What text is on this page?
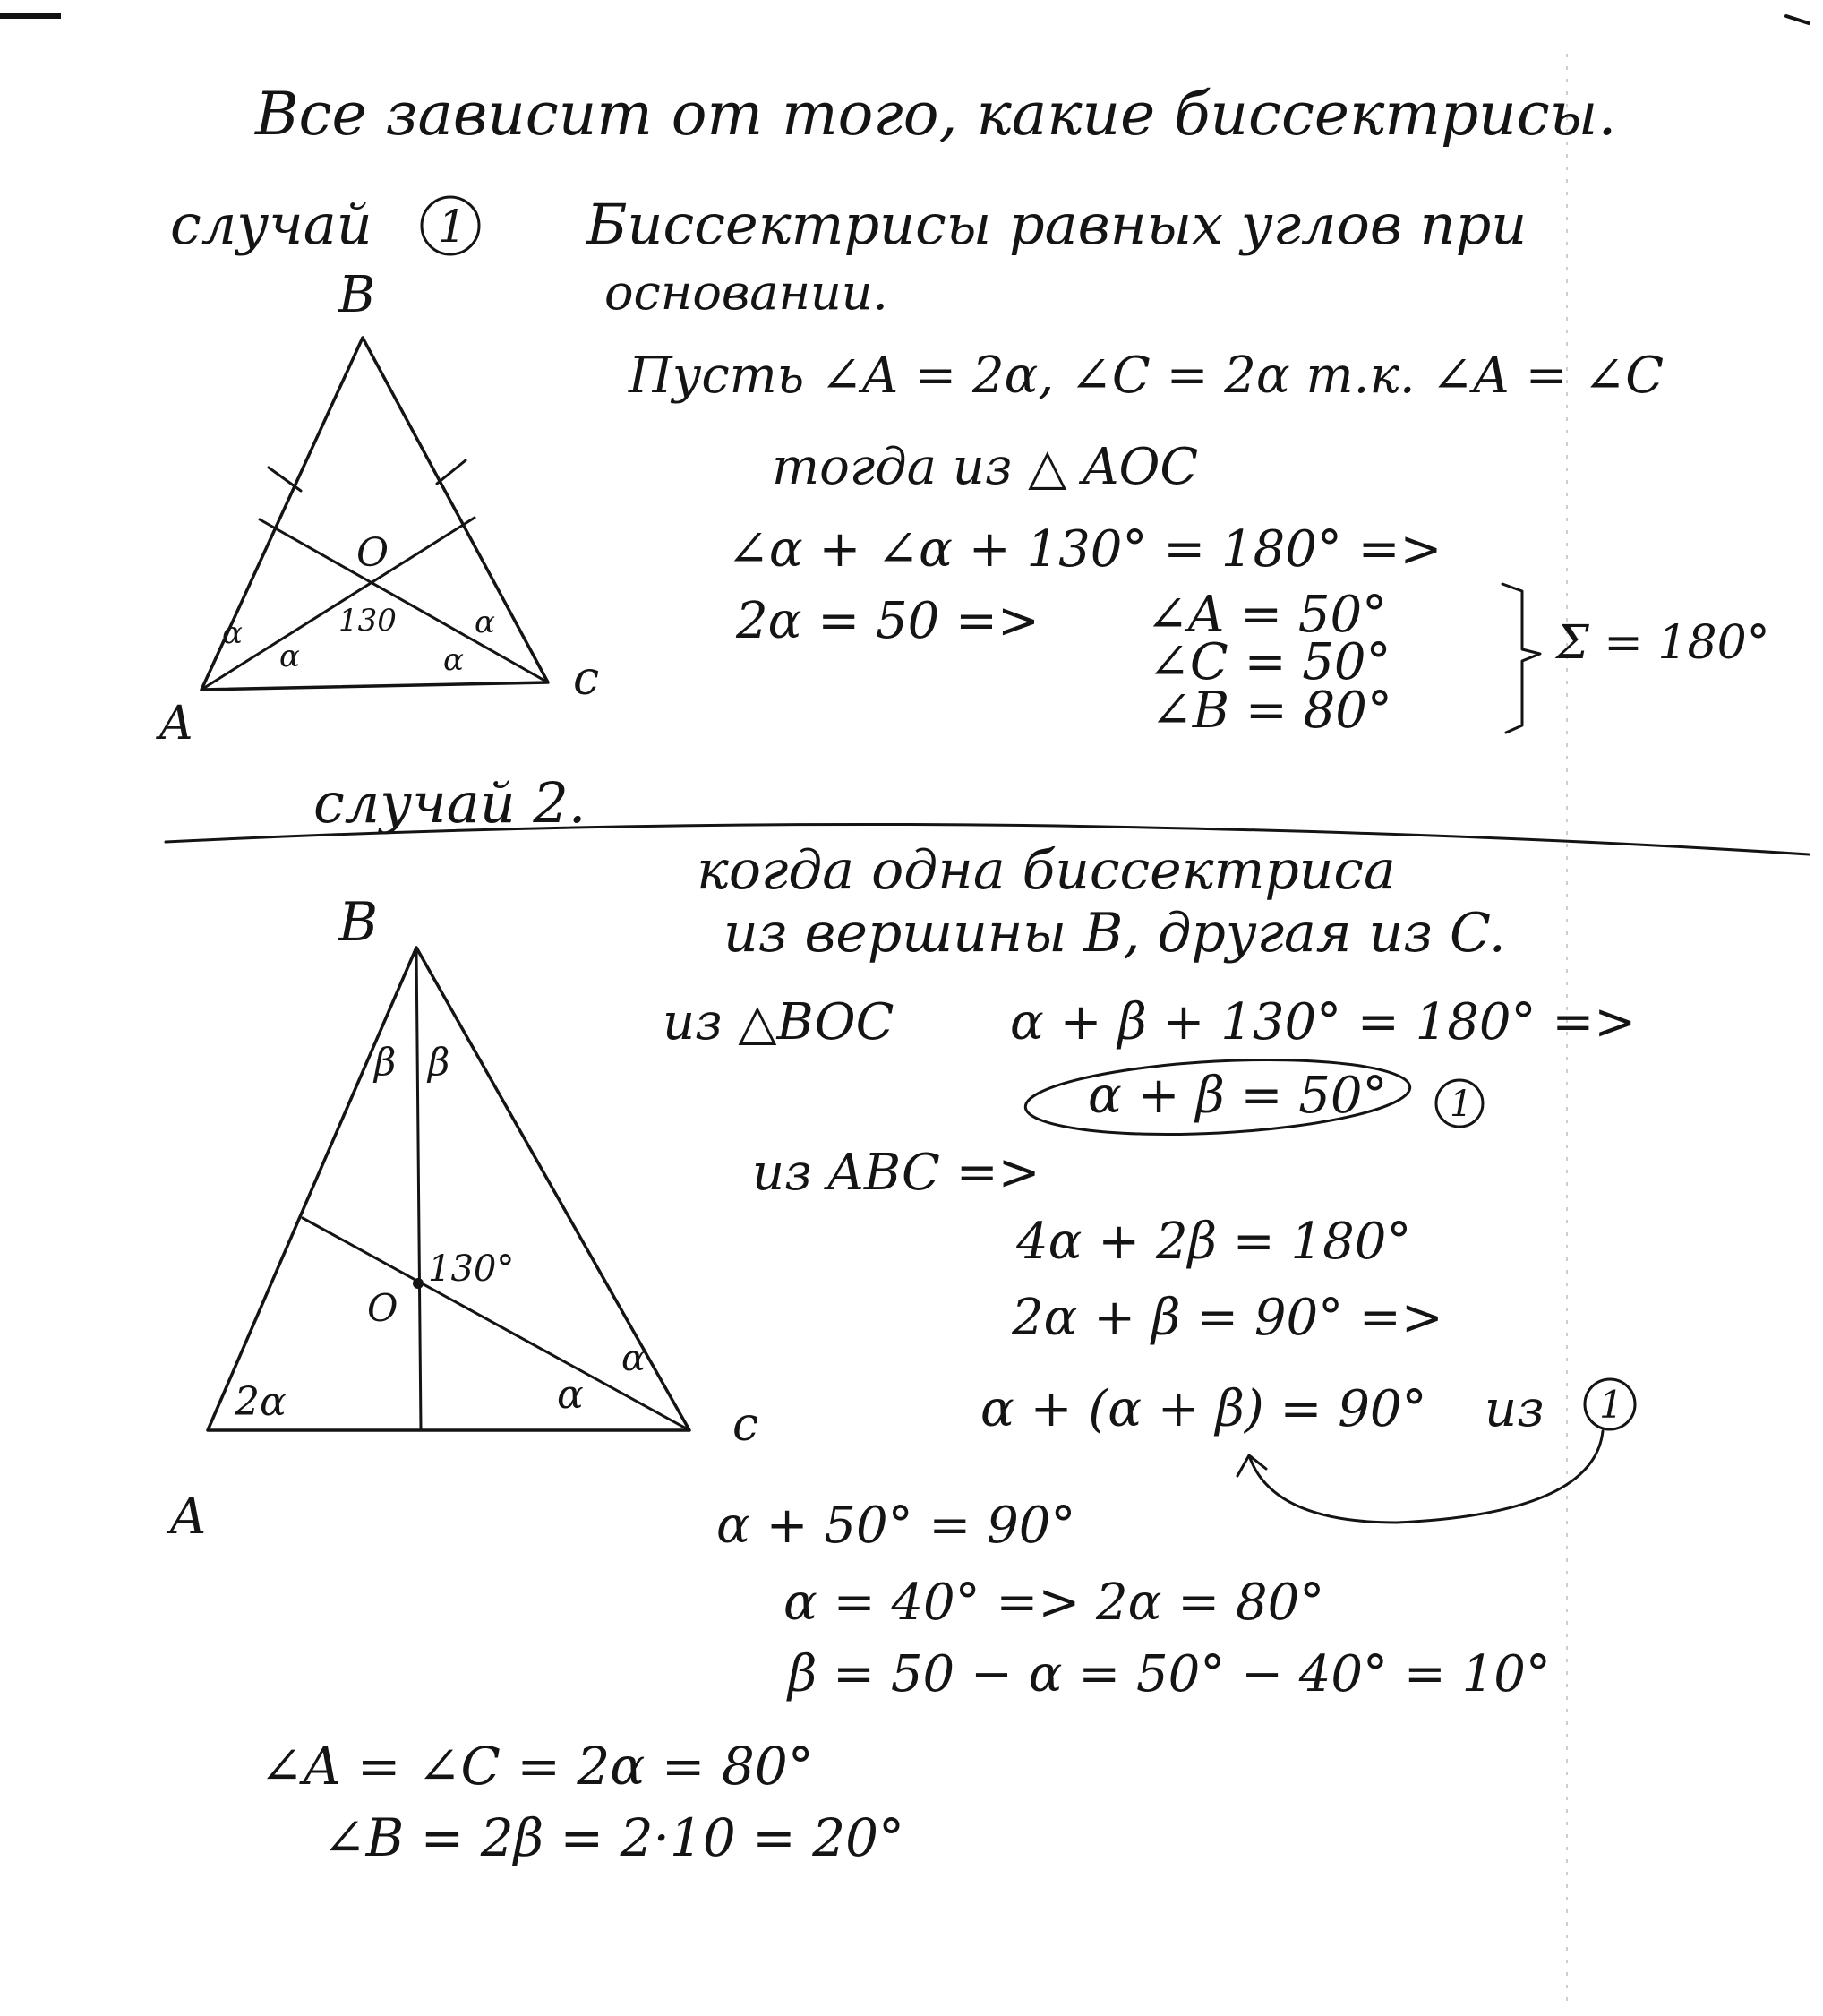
Все зависит от того, какие биссектрисы.
случай 1 Биссектрисы равных углов при
основании.
B
A
c
O
130
α
α
α
α
Пусть ∠A = 2α, ∠C = 2α т.к. ∠A = ∠C
тогда из △ AOC
∠α + ∠α + 130° = 180° =>
2α = 50 => ∠A = 50°
∠C = 50°
∠B = 80°
Σ = 180°
случай 2.
когда одна биссектриса
из вершины B, другая из C.
B
A
c
O
130°
β β
2α	α
α
из △BOC α + β + 130° = 180° =>
α + β = 50° 1
из ABC =>
4α + 2β = 180°
2α + β = 90° =>
α + (α + β) = 90° из 1
α + 50° = 90°
α = 40° => 2α = 80°
β = 50 − α = 50° − 40° = 10°
∠A = ∠C = 2α = 80°
∠B = 2β = 2·10 = 20°
